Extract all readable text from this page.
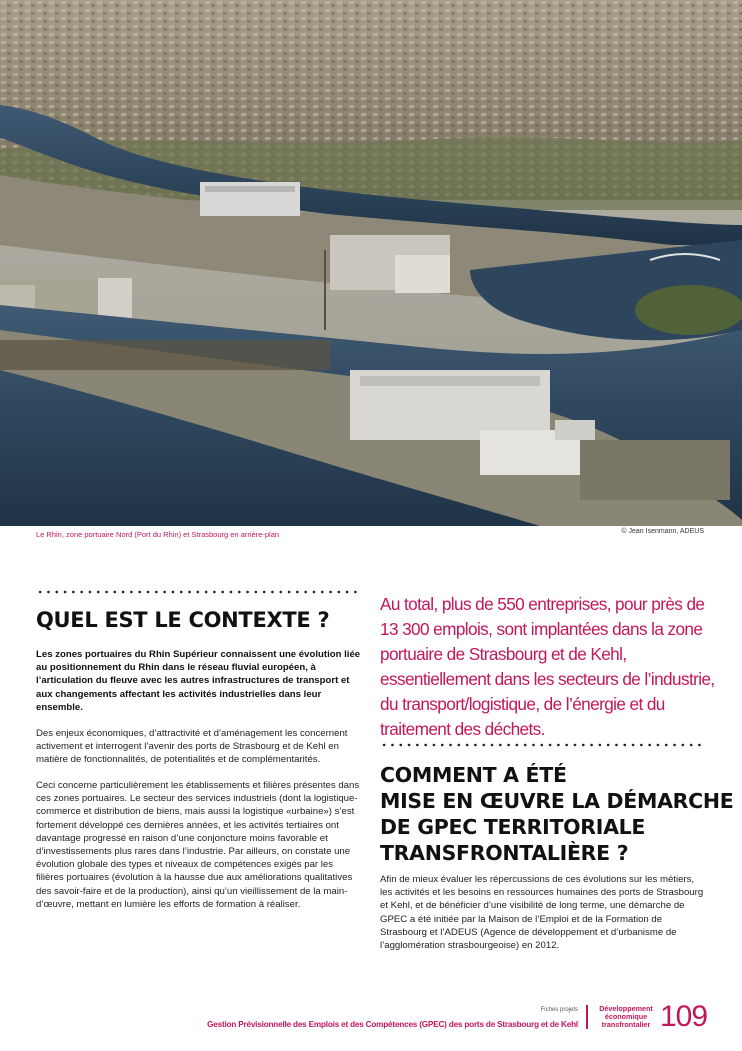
Le Rhin, zone portuaire Nord (Port du Rhin) et Strasbourg en arrière-plan	© Jean Isenmann, ADEUS
QUEL EST LE CONTEXTE ?

Les zones portuaires du Rhin Supérieur connaissent une évolution liée au positionnement du Rhin dans le réseau fluvial européen, à l’articulation du fleuve avec les autres infrastructures de transport et aux changements affectant les activités industrielles dans leur ensemble.

Des enjeux économiques, d’attractivité et d’aménagement les concernent activement et interrogent l’avenir des ports de Strasbourg et de Kehl en matière de fonctionnalités, de potentialités et de complémentarités.

Ceci concerne particulièrement les établissements et filières présentes dans ces zones portuaires. Le secteur des services industriels (dont la logistique-commerce et distribution de biens, mais aussi la logistique «urbaine») s’est fortement développé ces dernières années, et les activités tertiaires ont davantage progressé en raison d’une conjoncture moins favorable et d’investissements plus rares dans l’industrie. Par ailleurs, on constate une évolution globale des types et niveaux de compétences exigés par les filières portuaires (évolution à la hausse due aux améliorations qualitatives des savoir-faire et de la production), ainsi qu’un vieillissement de la main-d’œuvre, mettant en lumière les efforts de formation à réaliser.

Au total, plus de 550 entreprises, pour près de 13 300 emplois, sont implantées dans la zone portuaire de Strasbourg et de Kehl, essentiellement dans les secteurs de l’industrie, du transport/logistique, de l’énergie et du traitement des déchets.

COMMENT A ÉTÉ
MISE EN ŒUVRE LA DÉMARCHE
DE GPEC TERRITORIALE
TRANSFRONTALIÈRE ?

Afin de mieux évaluer les répercussions de ces évolutions sur les métiers, les activités et les besoins en ressources humaines des ports de Strasbourg et Kehl, et de bénéficier d’une visibilité de long terme, une démarche de GPEC a été initiée par la Maison de l’Emploi et de la Formation de Strasbourg et l’ADEUS (Agence de développement et d’urbanisme de l’agglomération strasbourgeoise) en 2012.

Fiches projets
Gestion Prévisionnelle des Emplois et des Compétences (GPEC) des ports de Strasbourg et de Kehl
Développement
économique
transfrontalier 109
